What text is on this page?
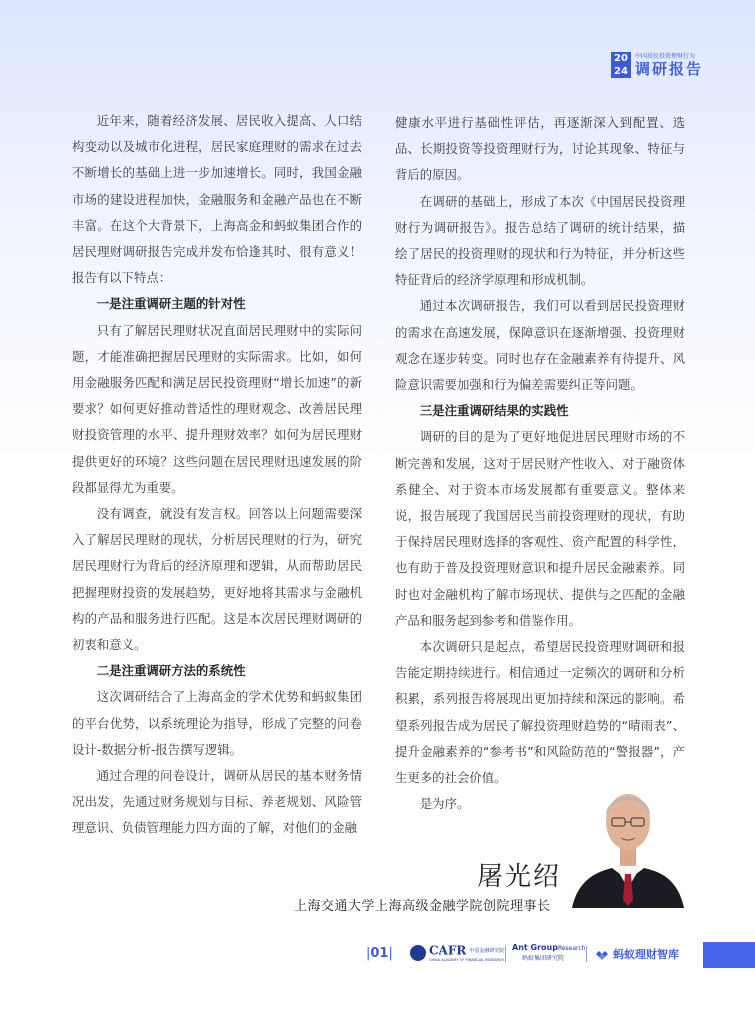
20
24
中国居民投资理财行为
调研报告

近年来，随着经济发展、居民收入提高、人口结构变动以及城市化进程，居民家庭理财的需求在过去不断增长的基础上进一步加速增长。同时，我国金融市场的建设进程加快，金融服务和金融产品也在不断丰富。在这个大背景下，上海高金和蚂蚁集团合作的居民理财调研报告完成并发布恰逢其时、很有意义！报告有以下特点：

一是注重调研主题的针对性

只有了解居民理财状况直面居民理财中的实际问题，才能准确把握居民理财的实际需求。比如，如何用金融服务匹配和满足居民投资理财“增长加速”的新要求？如何更好推动普适性的理财观念、改善居民理财投资管理的水平、提升理财效率？如何为居民理财提供更好的环境？这些问题在居民理财迅速发展的阶段都显得尤为重要。

没有调查，就没有发言权。回答以上问题需要深入了解居民理财的现状，分析居民理财的行为，研究居民理财行为背后的经济原理和逻辑，从而帮助居民把握理财投资的发展趋势，更好地将其需求与金融机构的产品和服务进行匹配。这是本次居民理财调研的初衷和意义。

二是注重调研方法的系统性

这次调研结合了上海高金的学术优势和蚂蚁集团的平台优势，以系统理论为指导，形成了完整的问卷设计-数据分析-报告撰写逻辑。

通过合理的问卷设计，调研从居民的基本财务情况出发，先通过财务规划与目标、养老规划、风险管理意识、负债管理能力四方面的了解，对他们的金融

健康水平进行基础性评估，再逐渐深入到配置、选品、长期投资等投资理财行为，讨论其现象、特征与背后的原因。

在调研的基础上，形成了本次《中国居民投资理财行为调研报告》。报告总结了调研的统计结果，描绘了居民的投资理财的现状和行为特征，并分析这些特征背后的经济学原理和形成机制。

通过本次调研报告，我们可以看到居民投资理财的需求在高速发展，保障意识在逐渐增强、投资理财观念在逐步转变。同时也存在金融素养有待提升、风险意识需要加强和行为偏差需要纠正等问题。

三是注重调研结果的实践性

调研的目的是为了更好地促进居民理财市场的不断完善和发展，这对于居民财产性收入、对于融资体系健全、对于资本市场发展都有重要意义。整体来说，报告展现了我国居民当前投资理财的现状，有助于保持居民理财选择的客观性、资产配置的科学性，也有助于普及投资理财意识和提升居民金融素养。同时也对金融机构了解市场现状、提供与之匹配的金融产品和服务起到参考和借鉴作用。

本次调研只是起点，希望居民投资理财调研和报告能定期持续进行。相信通过一定频次的调研和分析积累，系列报告将展现出更加持续和深远的影响。希望系列报告成为居民了解投资理财趋势的“晴雨表”、提升金融素养的“参考书”和风险防范的“警报器”，产生更多的社会价值。

是为序。

屠光绍
上海交通大学上海高级金融学院创院理事长
|01|	CAFR 中国金融研究院
CHINA ACADEMY OF FINANCIAL RESEARCH
Ant GroupResearch
蚂蚁集团研究院	蚂蚁理财智库
